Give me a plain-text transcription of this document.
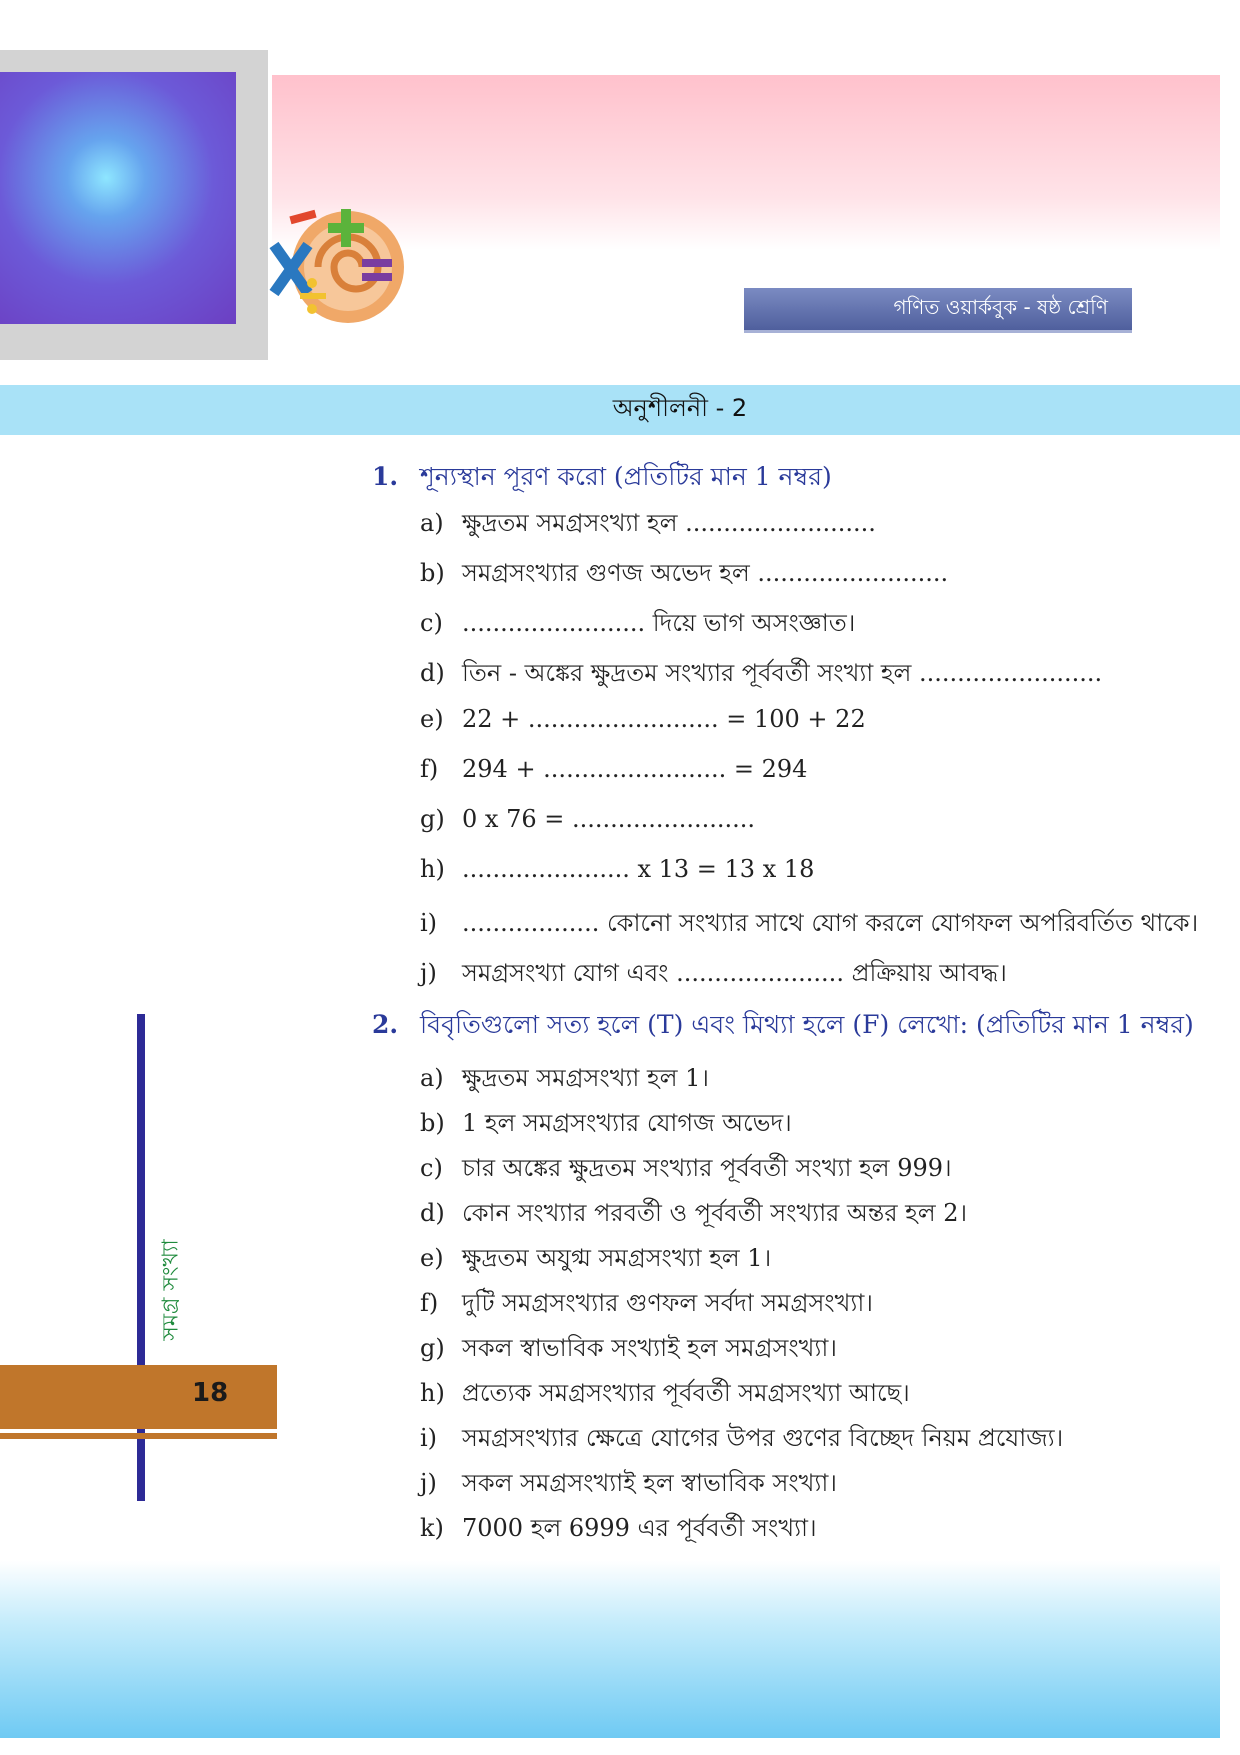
গণিত ওয়ার্কবুক - ষষ্ঠ শ্রেণি
অনুশীলনী - 2
সমগ্র সংখ্যা
18
1. শূন্যস্থান পূরণ করো (প্রতিটির মান 1 নম্বর)
a) ক্ষুদ্রতম সমগ্রসংখ্যা হল .........................
b) সমগ্রসংখ্যার গুণজ অভেদ হল .........................
c) ........................ দিয়ে ভাগ অসংজ্ঞাত।
d) তিন - অঙ্কের ক্ষুদ্রতম সংখ্যার পূর্ববর্তী সংখ্যা হল ........................
e) 22 + ......................... = 100 + 22
f) 294 + ........................ = 294
g) 0 x 76 = ........................
h) ...................... x 13 = 13 x 18
i) .................. কোনো সংখ্যার সাথে যোগ করলে যোগফল অপরিবর্তিত থাকে।
j) সমগ্রসংখ্যা যোগ এবং ...................... প্রক্রিয়ায় আবদ্ধ।
2. বিবৃতিগুলো সত্য হলে (T) এবং মিথ্যা হলে (F) লেখো: (প্রতিটির মান 1 নম্বর)
a) ক্ষুদ্রতম সমগ্রসংখ্যা হল 1।
b) 1 হল সমগ্রসংখ্যার যোগজ অভেদ।
c) চার অঙ্কের ক্ষুদ্রতম সংখ্যার পূর্ববর্তী সংখ্যা হল 999।
d) কোন সংখ্যার পরবর্তী ও পূর্ববর্তী সংখ্যার অন্তর হল 2।
e) ক্ষুদ্রতম অযুগ্ম সমগ্রসংখ্যা হল 1।
f) দুটি সমগ্রসংখ্যার গুণফল সর্বদা সমগ্রসংখ্যা।
g) সকল স্বাভাবিক সংখ্যাই হল সমগ্রসংখ্যা।
h) প্রত্যেক সমগ্রসংখ্যার পূর্ববর্তী সমগ্রসংখ্যা আছে।
i) সমগ্রসংখ্যার ক্ষেত্রে যোগের উপর গুণের বিচ্ছেদ নিয়ম প্রযোজ্য।
j) সকল সমগ্রসংখ্যাই হল স্বাভাবিক সংখ্যা।
k) 7000 হল 6999 এর পূর্ববর্তী সংখ্যা।
